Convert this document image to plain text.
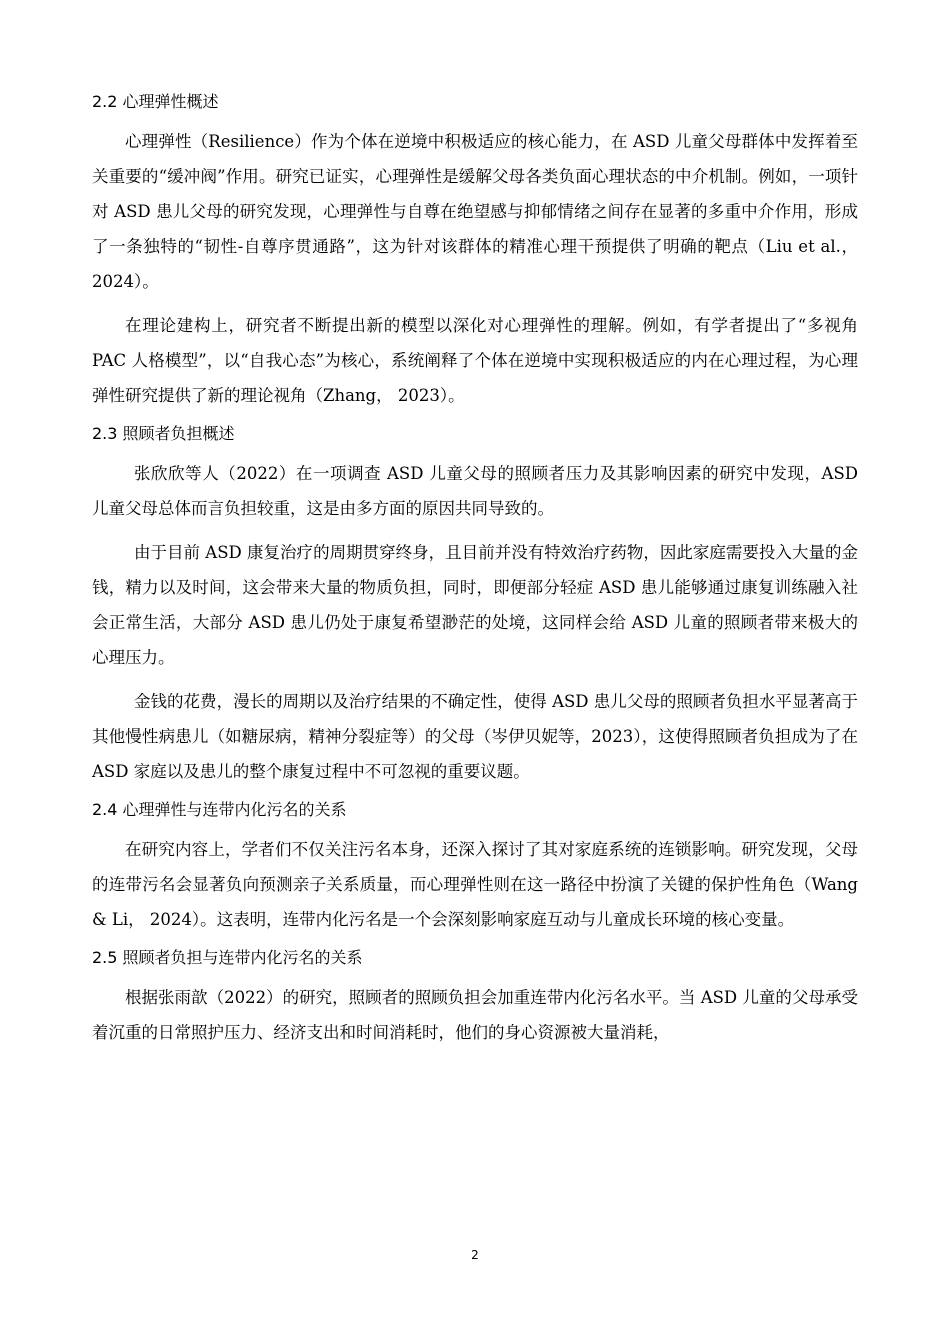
2.2 心理弹性概述

心理弹性（Resilience）作为个体在逆境中积极适应的核心能力，在 ASD 儿童父母群体中发挥着至关重要的“缓冲阀”作用。研究已证实，心理弹性是缓解父母各类负面心理状态的中介机制。例如，一项针对 ASD 患儿父母的研究发现，心理弹性与自尊在绝望感与抑郁情绪之间存在显著的多重中介作用，形成了一条独特的“韧性-自尊序贯通路”，这为针对该群体的精准心理干预提供了明确的靶点（Liu et al.， 2024）。

在理论建构上，研究者不断提出新的模型以深化对心理弹性的理解。例如，有学者提出了“多视角 PAC 人格模型”，以“自我心态”为核心，系统阐释了个体在逆境中实现积极适应的内在心理过程，为心理弹性研究提供了新的理论视角（Zhang， 2023）。

2.3 照顾者负担概述

张欣欣等人（2022）在一项调查 ASD 儿童父母的照顾者压力及其影响因素的研究中发现，ASD 儿童父母总体而言负担较重，这是由多方面的原因共同导致的。

由于目前 ASD 康复治疗的周期贯穿终身，且目前并没有特效治疗药物，因此家庭需要投入大量的金钱，精力以及时间，这会带来大量的物质负担，同时，即便部分轻症 ASD 患儿能够通过康复训练融入社会正常生活，大部分 ASD 患儿仍处于康复希望渺茫的处境，这同样会给 ASD 儿童的照顾者带来极大的心理压力。

金钱的花费，漫长的周期以及治疗结果的不确定性，使得 ASD 患儿父母的照顾者负担水平显著高于其他慢性病患儿（如糖尿病，精神分裂症等）的父母（岑伊贝妮等，2023），这使得照顾者负担成为了在 ASD 家庭以及患儿的整个康复过程中不可忽视的重要议题。

2.4 心理弹性与连带内化污名的关系

在研究内容上，学者们不仅关注污名本身，还深入探讨了其对家庭系统的连锁影响。研究发现，父母的连带污名会显著负向预测亲子关系质量，而心理弹性则在这一路径中扮演了关键的保护性角色（Wang & Li， 2024）。这表明，连带内化污名是一个会深刻影响家庭互动与儿童成长环境的核心变量。

2.5 照顾者负担与连带内化污名的关系

根据张雨歆（2022）的研究，照顾者的照顾负担会加重连带内化污名水平。当 ASD 儿童的父母承受着沉重的日常照护压力、经济支出和时间消耗时，他们的身心资源被大量消耗，

2
